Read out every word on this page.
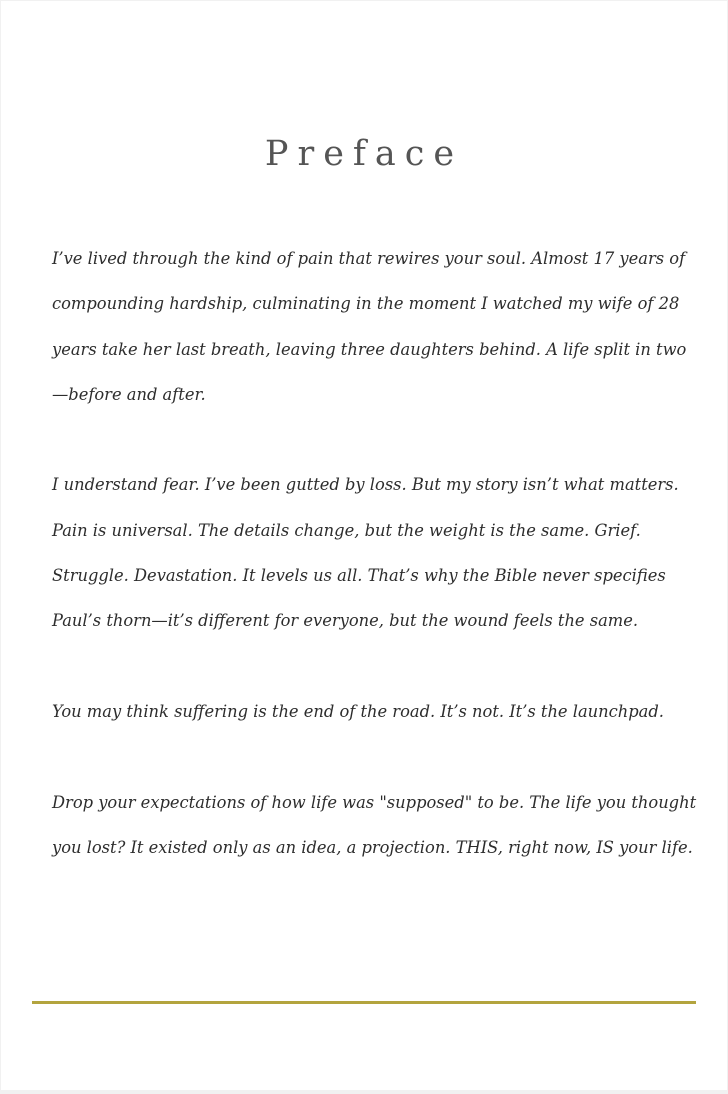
Preface

I’ve lived through the kind of pain that rewires your soul. Almost 17 years of compounding hardship, culminating in the moment I watched my wife of 28 years take her last breath, leaving three daughters behind. A life split in two—before and after.

I understand fear. I’ve been gutted by loss. But my story isn’t what matters. Pain is universal. The details change, but the weight is the same. Grief. Struggle. Devastation. It levels us all. That’s why the Bible never specifies Paul’s thorn—it’s different for everyone, but the wound feels the same.

You may think suffering is the end of the road. It’s not. It’s the launchpad.

Drop your expectations of how life was "supposed" to be. The life you thought you lost? It existed only as an idea, a projection. THIS, right now, IS your life.
